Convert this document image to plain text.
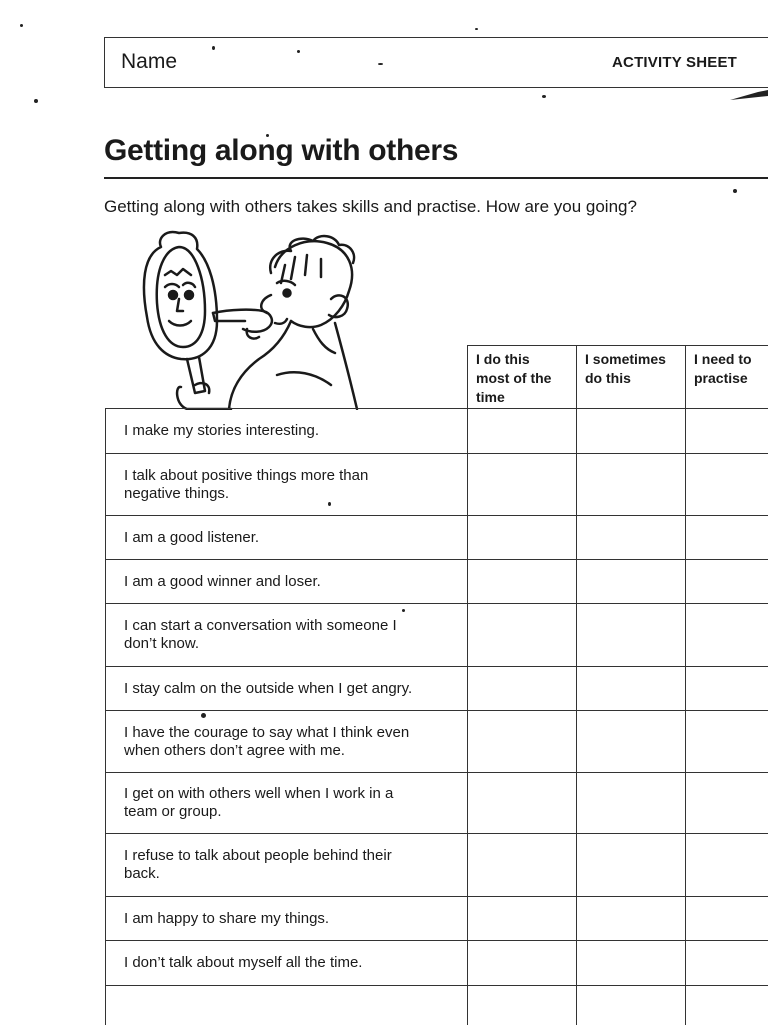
Name	ACTIVITY SHEET
Getting along with others
Getting along with others takes skills and practise. How are you going?
I do this
most of the
time
I sometimes
do this
I need to
practise
I make my stories interesting.
I talk about positive things more than
negative things.
I am a good listener.
I am a good winner and loser.
I can start a conversation with someone I
don’t know.
I stay calm on the outside when I get angry.
I have the courage to say what I think even
when others don’t agree with me.
I get on with others well when I work in a
team or group.
I refuse to talk about people behind their
back.
I am happy to share my things.
I don’t talk about myself all the time.
